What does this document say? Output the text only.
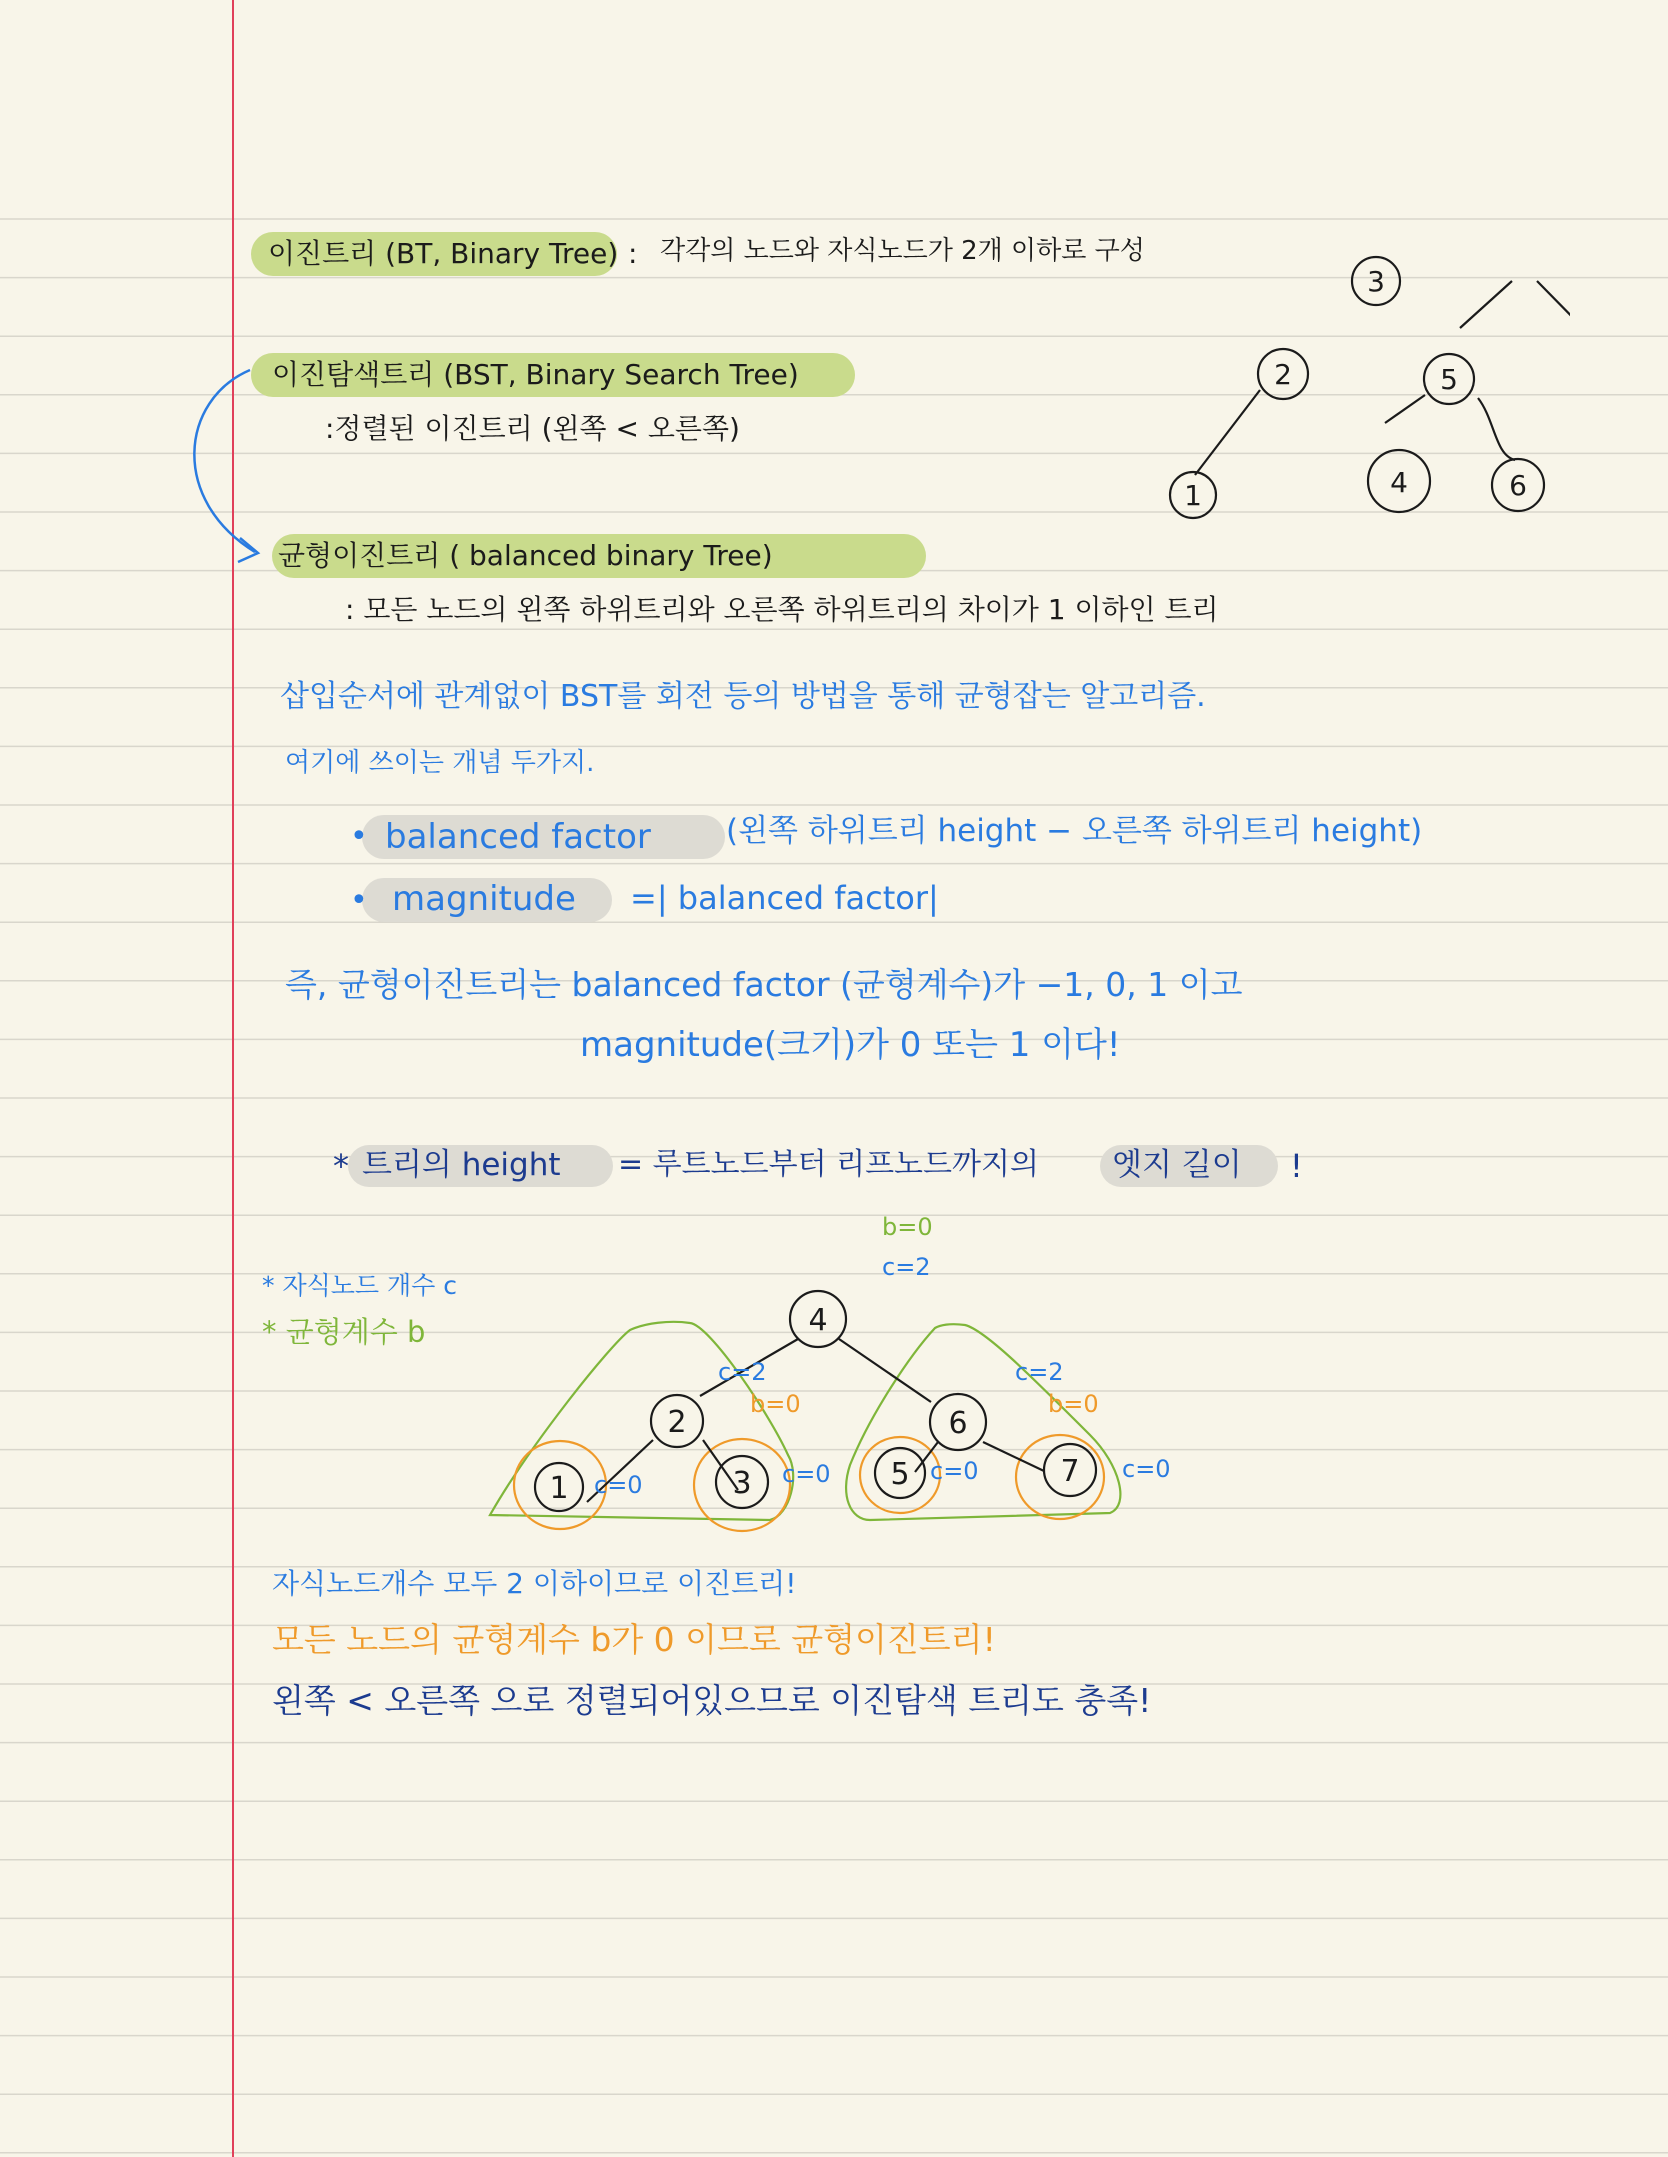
이진트리 (BT, Binary Tree) : 각각의 노드와 자식노드가 2개 이하로 구성
이진탐색트리 (BST, Binary Search Tree)
:정렬된 이진트리 (왼쪽 < 오른쪽)
균형이진트리 ( balanced binary Tree)
: 모든 노드의 왼쪽 하위트리와 오른쪽 하위트리의 차이가 1 이하인 트리
삽입순서에 관계없이 BST를 회전 등의 방법을 통해 균형잡는 알고리즘.
여기에 쓰이는 개념 두가지.
• balanced factor (왼쪽 하위트리 height − 오른쪽 하위트리 height)
• magnitude =| balanced factor|
즉, 균형이진트리는 balanced factor (균형계수)가 −1, 0, 1 이고
magnitude(크기)가 0 또는 1 이다!
* 트리의 height = 루트노드부터 리프노드까지의 엣지 길이 !
* 자식노드 개수 c
* 균형계수 b
3
2	5
1	4	6
4
2	6
1	3	5	7
b=0
c=2
c=2
b=0
c=2
b=0
c=0	c=0	c=0	c=0
자식노드개수 모두 2 이하이므로 이진트리!
모든 노드의 균형계수 b가 0 이므로 균형이진트리!
왼쪽 < 오른쪽 으로 정렬되어있으므로 이진탐색 트리도 충족!
